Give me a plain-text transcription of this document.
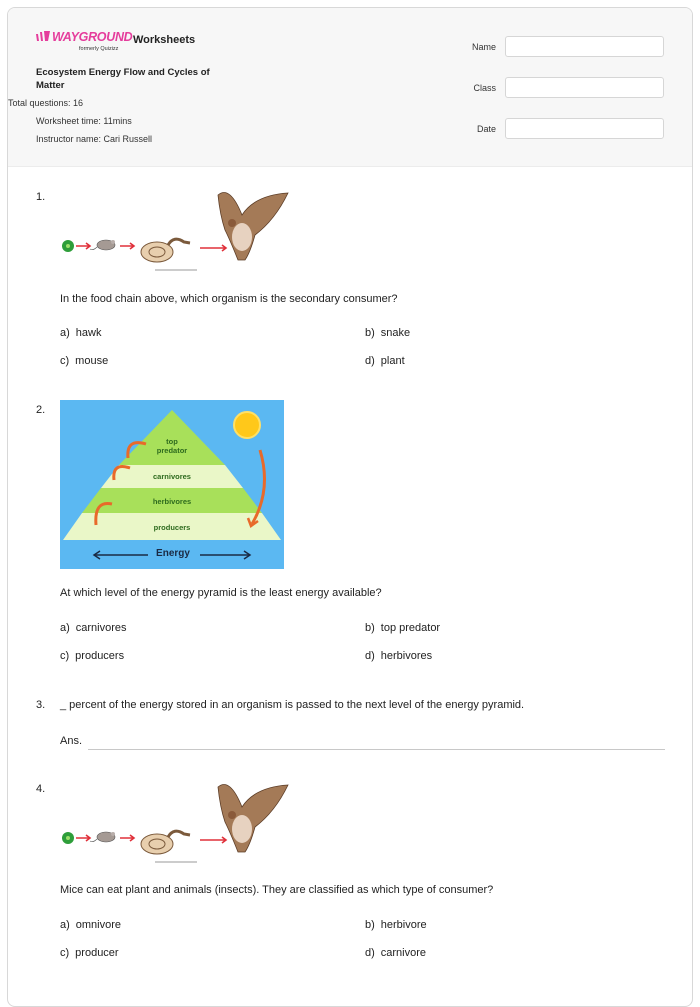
WAYGROUND
formerly Quizizz
Worksheets
Ecosystem Energy Flow and Cycles of Matter
Total questions: 16
Worksheet time: 11mins
Instructor name: Cari Russell
Name
Class
Date
1.
In the food chain above, which organism is the secondary consumer?
a) hawk	b) snake
c) mouse	d) plant
2.
top predator
carnivores
herbivores
producers
Energy
At which level of the energy pyramid is the least energy available?
a) carnivores	b) top predator
c) producers	d) herbivores
3. _ percent of the energy stored in an organism is passed to the next level of the energy pyramid.
Ans.
4.
Mice can eat plant and animals (insects). They are classified as which type of consumer?
a) omnivore	b) herbivore
c) producer	d) carnivore
